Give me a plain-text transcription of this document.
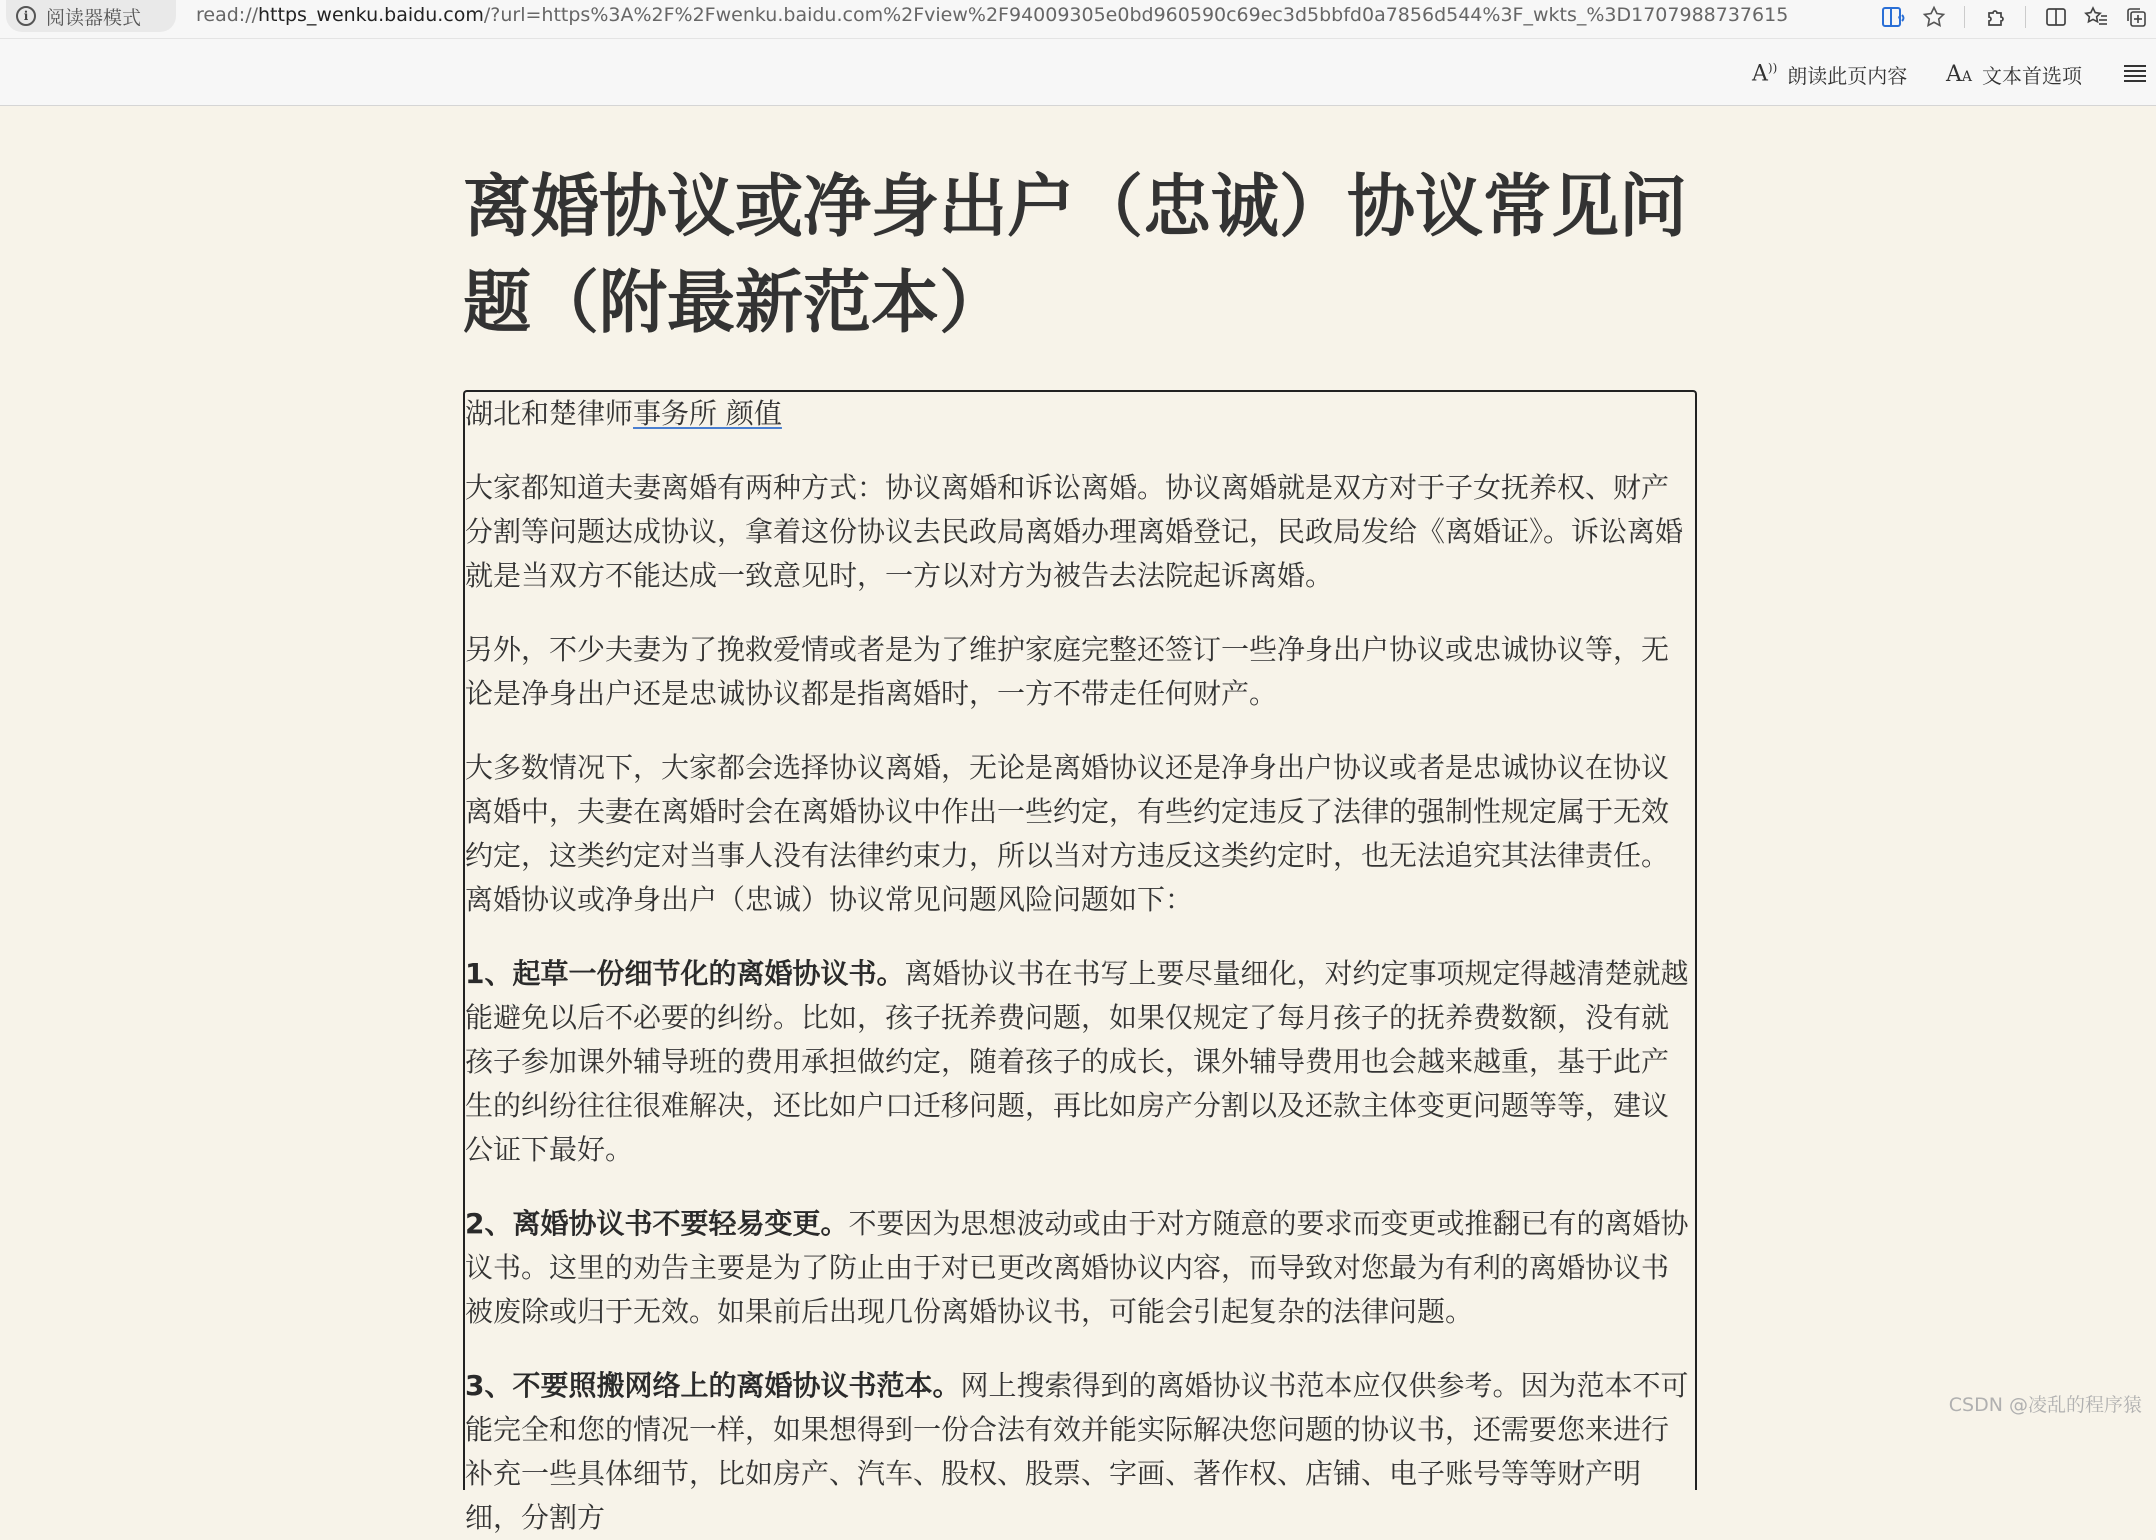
i 阅读器模式	read://https_wenku.baidu.com/?url=https%3A%2F%2Fwenku.baidu.com%2Fview%2F94009305e0bd960590c69ec3d5bbfd0a7856d544%3F_wkts_%3D1707988737615
A)) 朗读此页内容 AA 文本首选项
离婚协议或净身出户（忠诚）协议常见问题（附最新范本）

湖北和楚律师事务所 颜值

大家都知道夫妻离婚有两种方式：协议离婚和诉讼离婚。协议离婚就是双方对于子女抚养权、财产分割等问题达成协议，拿着这份协议去民政局离婚办理离婚登记，民政局发给《离婚证》。诉讼离婚就是当双方不能达成一致意见时，一方以对方为被告去法院起诉离婚。

另外，不少夫妻为了挽救爱情或者是为了维护家庭完整还签订一些净身出户协议或忠诚协议等，无论是净身出户还是忠诚协议都是指离婚时，一方不带走任何财产。

大多数情况下，大家都会选择协议离婚，无论是离婚协议还是净身出户协议或者是忠诚协议在协议离婚中，夫妻在离婚时会在离婚协议中作出一些约定，有些约定违反了法律的强制性规定属于无效约定，这类约定对当事人没有法律约束力，所以当对方违反这类约定时，也无法追究其法律责任。离婚协议或净身出户（忠诚）协议常见问题风险问题如下：

1、起草一份细节化的离婚协议书。离婚协议书在书写上要尽量细化，对约定事项规定得越清楚就越能避免以后不必要的纠纷。比如，孩子抚养费问题，如果仅规定了每月孩子的抚养费数额，没有就孩子参加课外辅导班的费用承担做约定，随着孩子的成长，课外辅导费用也会越来越重，基于此产生的纠纷往往很难解决，还比如户口迁移问题，再比如房产分割以及还款主体变更问题等等，建议公证下最好。

2、离婚协议书不要轻易变更。不要因为思想波动或由于对方随意的要求而变更或推翻已有的离婚协议书。这里的劝告主要是为了防止由于对已更改离婚协议内容，而导致对您最为有利的离婚协议书被废除或归于无效。如果前后出现几份离婚协议书，可能会引起复杂的法律问题。

3、不要照搬网络上的离婚协议书范本。网上搜索得到的离婚协议书范本应仅供参考。因为范本不可能完全和您的情况一样，如果想得到一份合法有效并能实际解决您问题的协议书，还需要您来进行补充一些具体细节，比如房产、汽车、股权、股票、字画、著作权、店铺、电子账号等等财产明细，分割方

CSDN @凌乱的程序猿
